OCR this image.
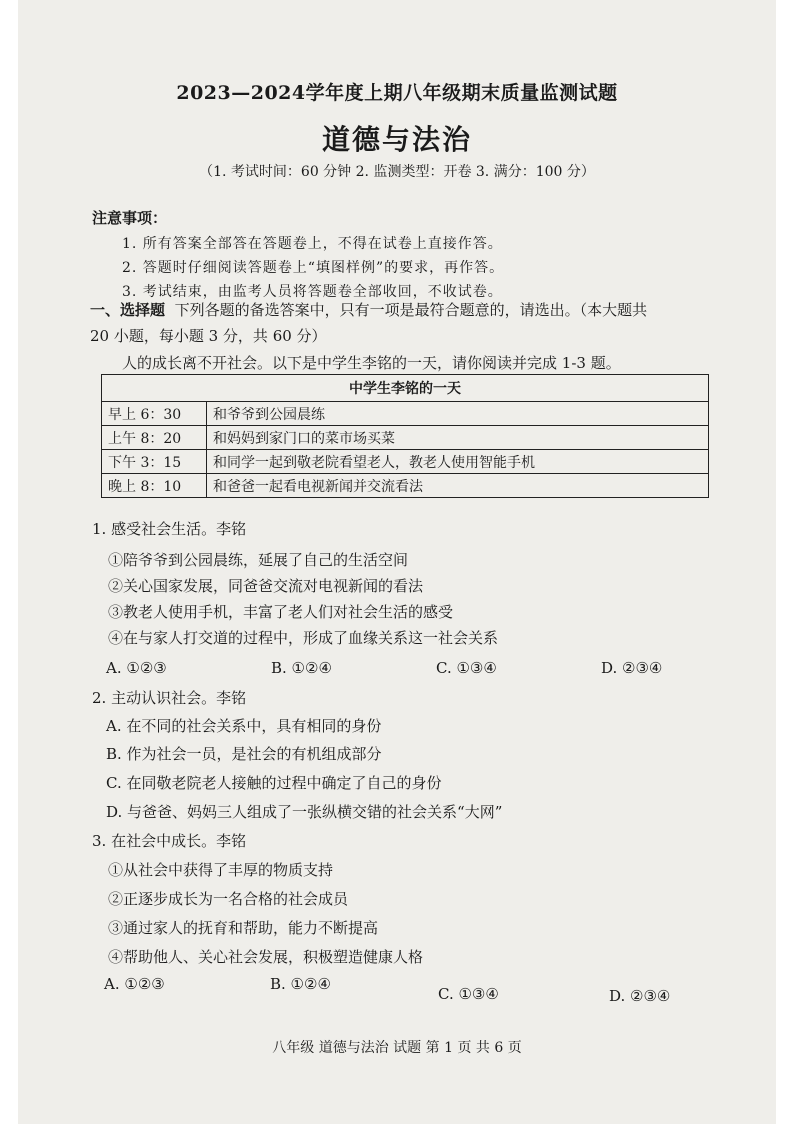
2023—2024学年度上期八年级期末质量监测试题
道德与法治
（1. 考试时间：60 分钟 2. 监测类型：开卷 3. 满分：100 分）
注意事项：
1. 所有答案全部答在答题卷上，不得在试卷上直接作答。
2. 答题时仔细阅读答题卷上“填图样例”的要求，再作答。
3. 考试结束，由监考人员将答题卷全部收回，不收试卷。
一、选择题 下列各题的备选答案中，只有一项是最符合题意的，请选出。（本大题共
20 小题，每小题 3 分，共 60 分）
人的成长离不开社会。以下是中学生李铭的一天，请你阅读并完成 1-3 题。
中学生李铭的一天	
早上 6：30	和爷爷到公园晨练
上午 8：20	和妈妈到家门口的菜市场买菜
下午 3：15	和同学一起到敬老院看望老人，教老人使用智能手机
晚上 8：10	和爸爸一起看电视新闻并交流看法
1. 感受社会生活。李铭
①陪爷爷到公园晨练，延展了自己的生活空间
②关心国家发展，同爸爸交流对电视新闻的看法
③教老人使用手机，丰富了老人们对社会生活的感受
④在与家人打交道的过程中，形成了血缘关系这一社会关系
A. ①②③	B. ①②④	C. ①③④	D. ②③④
2. 主动认识社会。李铭
A. 在不同的社会关系中，具有相同的身份
B. 作为社会一员，是社会的有机组成部分
C. 在同敬老院老人接触的过程中确定了自己的身份
D. 与爸爸、妈妈三人组成了一张纵横交错的社会关系“大网”
3. 在社会中成长。李铭
①从社会中获得了丰厚的物质支持
②正逐步成长为一名合格的社会成员
③通过家人的抚育和帮助，能力不断提高
④帮助他人、关心社会发展，积极塑造健康人格
A. ①②③	B. ①②④
C. ①③④	D. ②③④
八年级 道德与法治 试题 第 1 页 共 6 页
